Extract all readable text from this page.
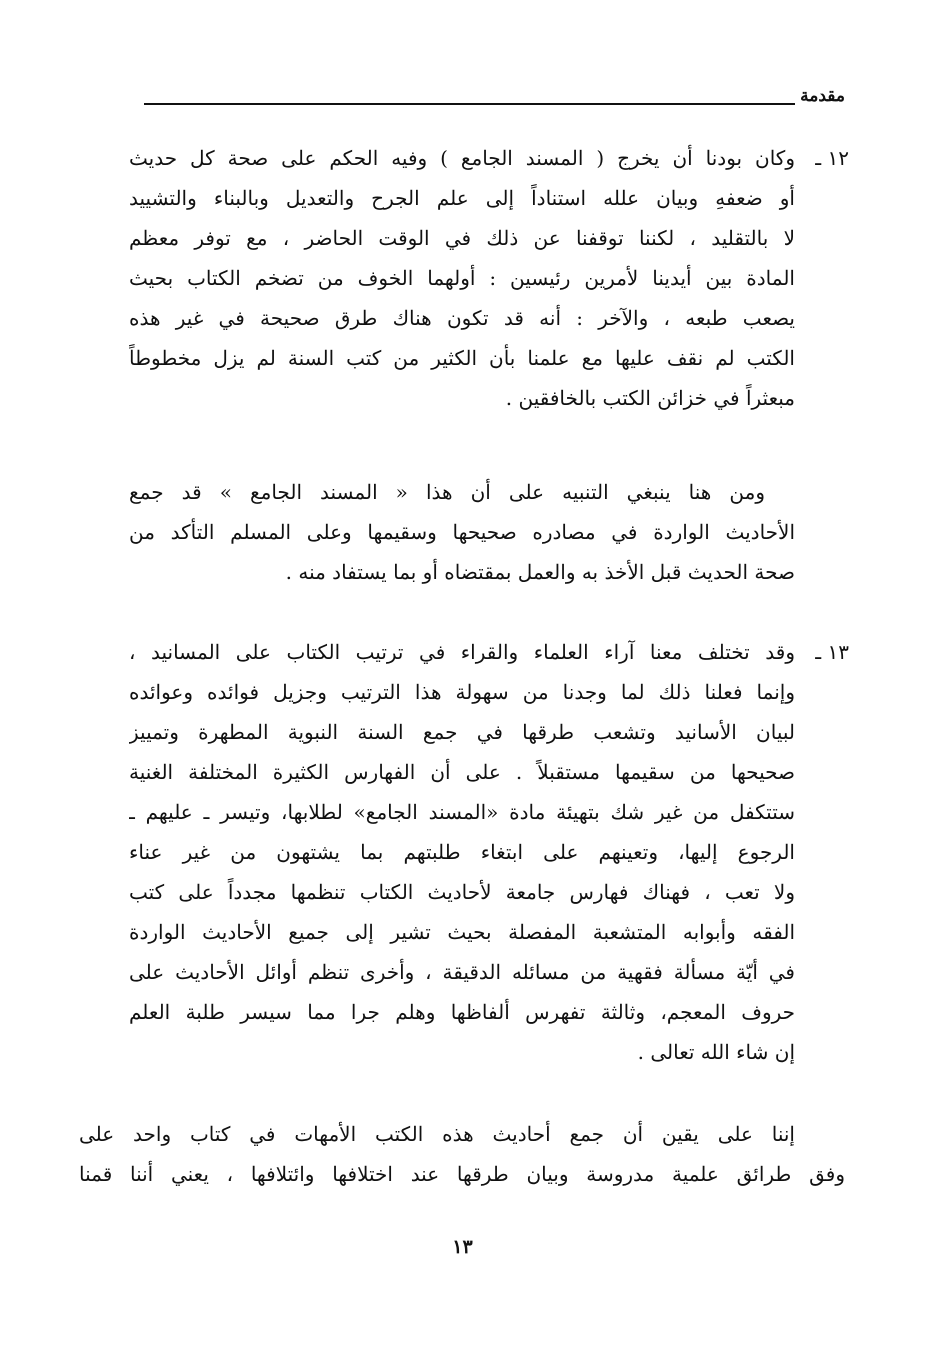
مقدمة
١٢ ـ
وكان بودنا أن يخرج ( المسند الجامع ) وفيه الحكم على صحة كل حديث
أو ضعفهِ وبيان علله استناداً إلى علم الجرح والتعديل وبالبناء والتشييد
لا بالتقليد ، لكننا توقفنا عن ذلك في الوقت الحاضر ، مع توفر معظم
المادة بين أيدينا لأمرين رئيسين : أولهما الخوف من تضخم الكتاب بحيث
يصعب طبعه ، والآخر : أنه قد تكون هناك طرق صحيحة في غير هذه
الكتب لم نقف عليها مع علمنا بأن الكثير من كتب السنة لم يزل مخطوطاً
مبعثراً في خزائن الكتب بالخافقين .
ومن هنا ينبغي التنبيه على أن هذا « المسند الجامع » قد جمع
الأحاديث الواردة في مصادره صحيحها وسقيمها وعلى المسلم التأكد من
صحة الحديث قبل الأخذ به والعمل بمقتضاه أو بما يستفاد منه .
١٣ ـ
وقد تختلف معنا آراء العلماء والقراء في ترتيب الكتاب على المسانيد ،
وإنما فعلنا ذلك لما وجدنا من سهولة هذا الترتيب وجزيل فوائده وعوائده
لبيان الأسانيد وتشعب طرقها في جمع السنة النبوية المطهرة وتمييز
صحيحها من سقيمها مستقبلاً . على أن الفهارس الكثيرة المختلفة الغنية
ستتكفل من غير شك بتهيئة مادة «المسند الجامع» لطلابها، وتيسر ـ عليهم ـ
الرجوع إليها، وتعينهم على ابتغاء طلبتهم بما يشتهون من غير عناء
ولا تعب ، فهناك فهارس جامعة لأحاديث الكتاب تنظمها مجدداً على كتب
الفقه وأبوابه المتشعبة المفصلة بحيث تشير إلى جميع الأحاديث الواردة
في أيّة مسألة فقهية من مسائله الدقيقة ، وأخرى تنظم أوائل الأحاديث على
حروف المعجم، وثالثة تفهرس ألفاظها وهلم جرا مما سيسر طلبة العلم
إن شاء الله تعالى .
إننا على يقين أن جمع أحاديث هذه الكتب الأمهات في كتاب واحد على
وفق طرائق علمية مدروسة وبيان طرقها عند اختلافها وائتلافها ، يعني أننا قمنا
١٣
